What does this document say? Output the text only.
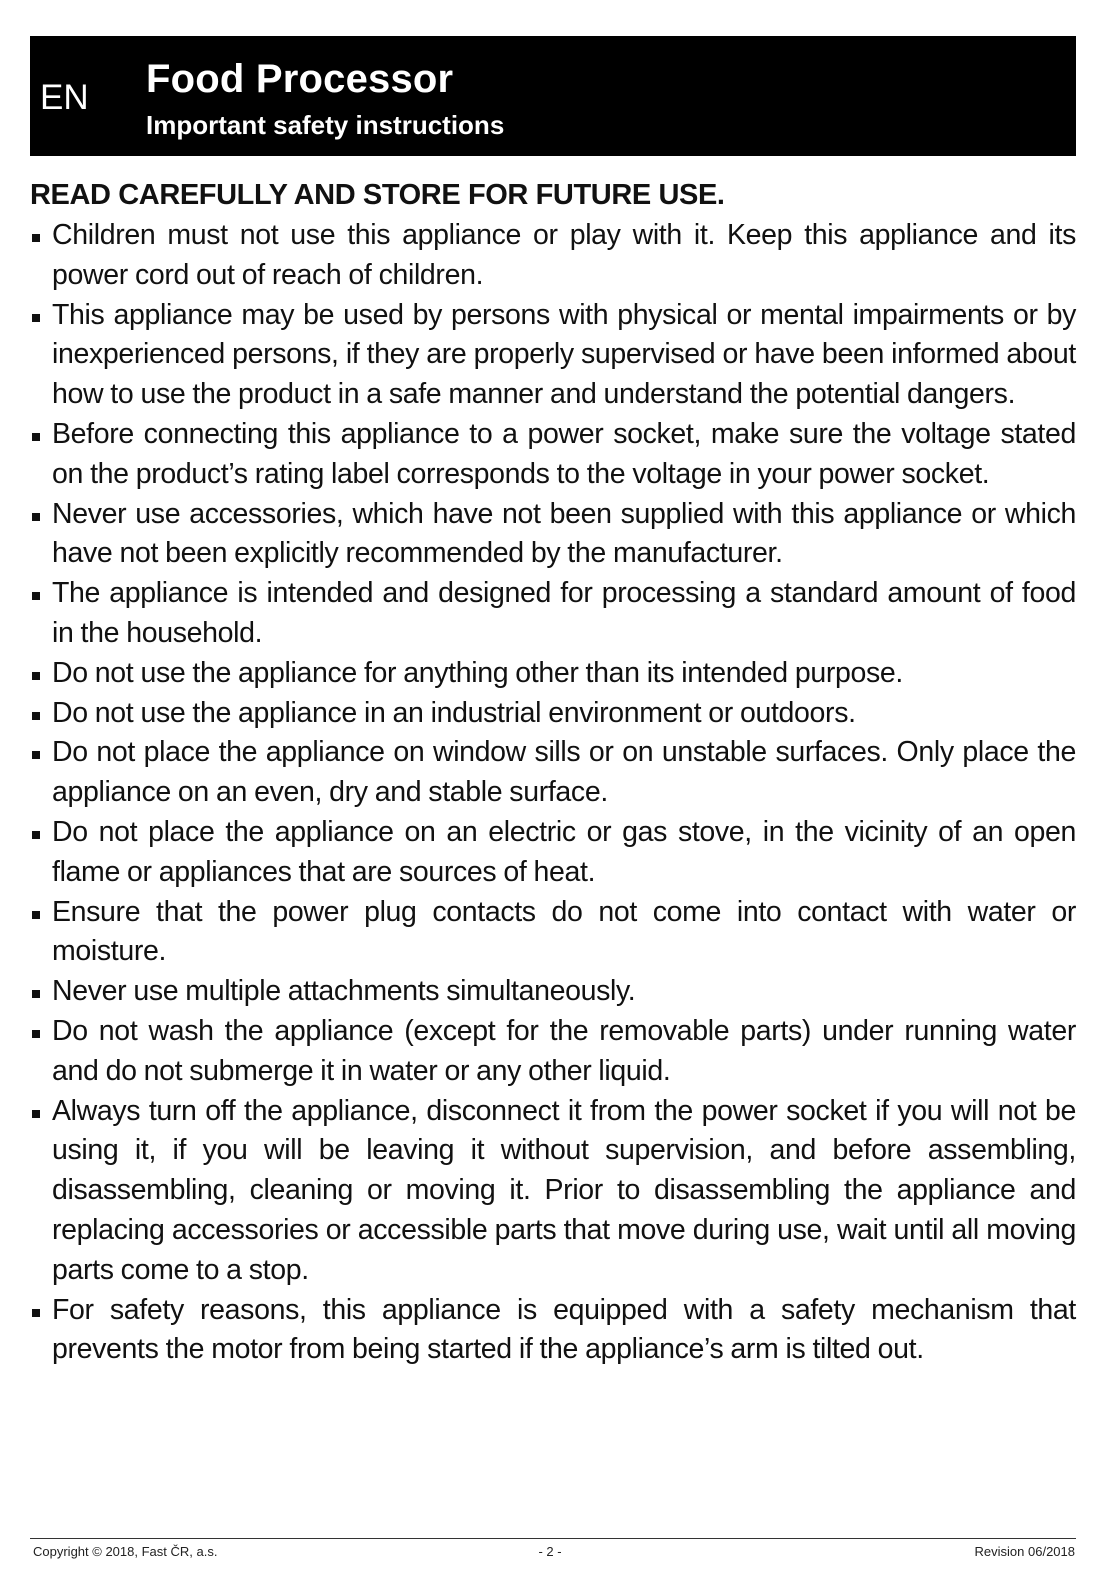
EN Food Processor
Important safety instructions
READ CAREFULLY AND STORE FOR FUTURE USE.
Children must not use this appliance or play with it. Keep this appliance and its power cord out of reach of children.
This appliance may be used by persons with physical or mental impairments or by inexperienced persons, if they are properly supervised or have been informed about how to use the product in a safe manner and understand the potential dangers.
Before connecting this appliance to a power socket, make sure the voltage stated on the product’s rating label corresponds to the voltage in your power socket.
Never use accessories, which have not been supplied with this appliance or which have not been explicitly recommended by the manufacturer.
The appliance is intended and designed for processing a standard amount of food in the household.
Do not use the appliance for anything other than its intended purpose.
Do not use the appliance in an industrial environment or outdoors.
Do not place the appliance on window sills or on unstable surfaces. Only place the appliance on an even, dry and stable surface.
Do not place the appliance on an electric or gas stove, in the vicinity of an open flame or appliances that are sources of heat.
Ensure that the power plug contacts do not come into contact with water or moisture.
Never use multiple attachments simultaneously.
Do not wash the appliance (except for the removable parts) under running water and do not submerge it in water or any other liquid.
Always turn off the appliance, disconnect it from the power socket if you will not be using it, if you will be leaving it without supervision, and before assembling, disassembling, cleaning or moving it. Prior to disassembling the appliance and replacing accessories or accessible parts that move during use, wait until all moving parts come to a stop.
For safety reasons, this appliance is equipped with a safety mechanism that prevents the motor from being started if the appliance’s arm is tilted out.
Copyright © 2018, Fast ČR, a.s.	- 2 -	Revision 06/2018
